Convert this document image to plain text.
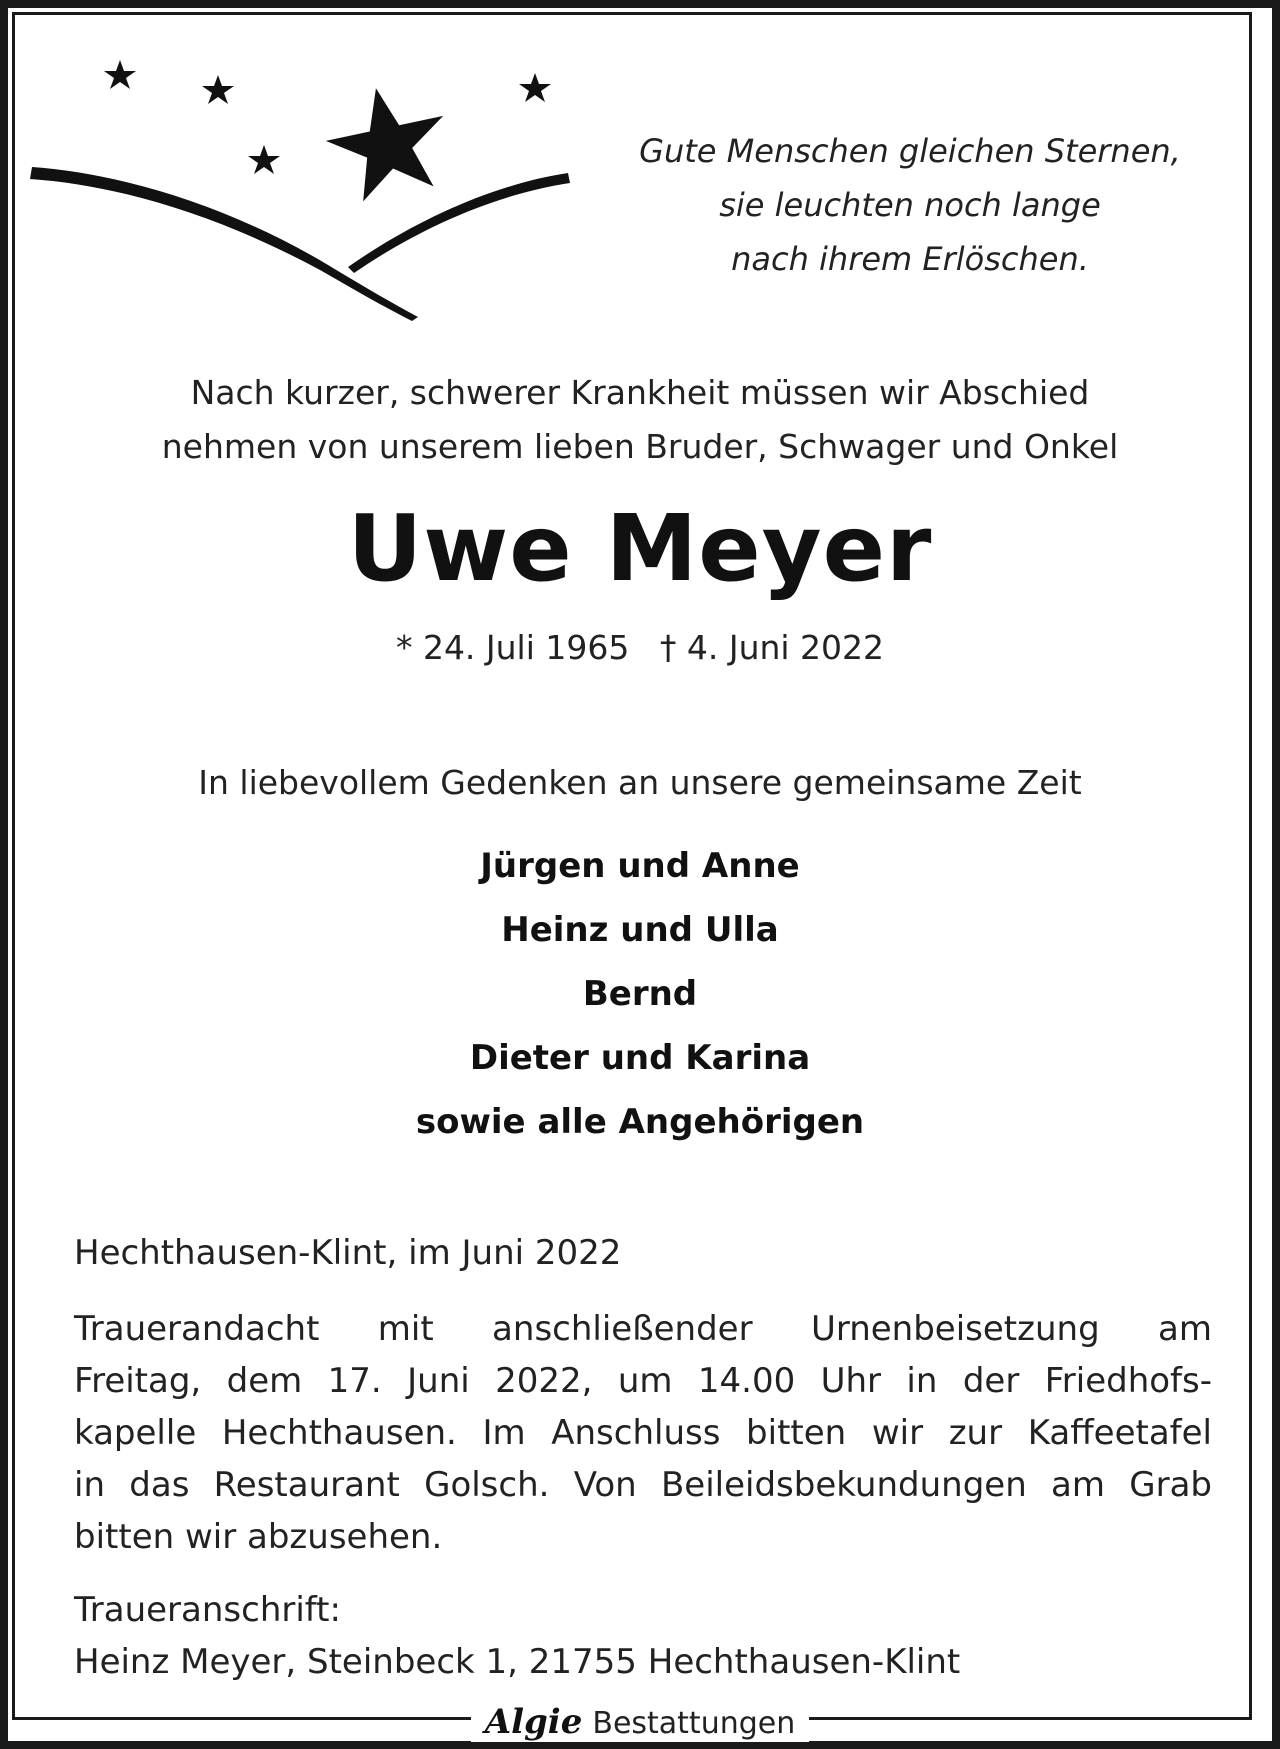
Gute Menschen gleichen Sternen,
sie leuchten noch lange
nach ihrem Erlöschen.
Nach kurzer, schwerer Krankheit müssen wir Abschied
nehmen von unserem lieben Bruder, Schwager und Onkel
Uwe Meyer
* 24. Juli 1965 † 4. Juni 2022
In liebevollem Gedenken an unsere gemeinsame Zeit
Jürgen und Anne
Heinz und Ulla
Bernd
Dieter und Karina
sowie alle Angehörigen
Hechthausen-Klint, im Juni 2022
Trauerandacht mit anschließender Urnenbeisetzung am
Freitag, dem 17. Juni 2022, um 14.00 Uhr in der Friedhofs-
kapelle Hechthausen. Im Anschluss bitten wir zur Kaffeetafel
in das Restaurant Golsch. Von Beileidsbekundungen am Grab
bitten wir abzusehen.
Traueranschrift:
Heinz Meyer, Steinbeck 1, 21755 Hechthausen-Klint
Algie Bestattungen
